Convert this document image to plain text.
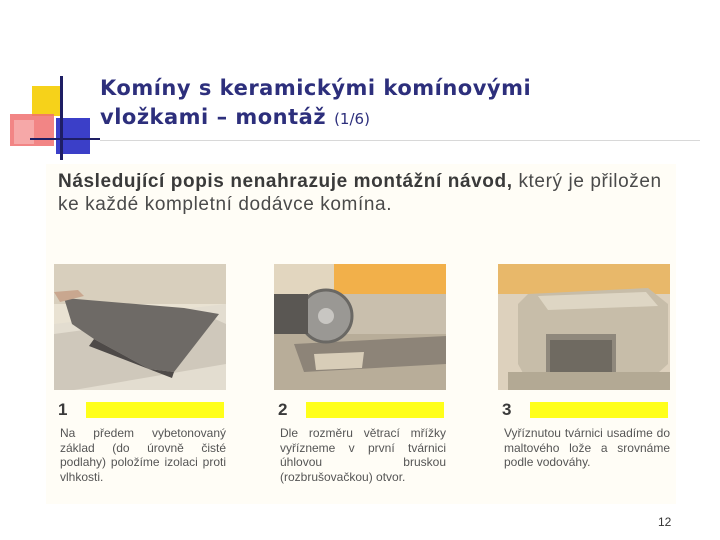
Komíny s keramickými komínovými
vložkami – montáž (1/6)
Následující popis nenahrazuje montážní návod, který je přiložen ke každé kompletní dodávce komína.
1
Na předem vybetonovaný základ (do úrovně čisté podlahy) položíme izolaci proti vlhkosti.
2
Dle rozměru větrací mřížky vyřízneme v první tvárnici úhlovou bruskou (rozbrušovačkou) otvor.
3
Vyříznutou tvárnici usadíme do maltového lože a srovnáme podle vodováhy.
12
